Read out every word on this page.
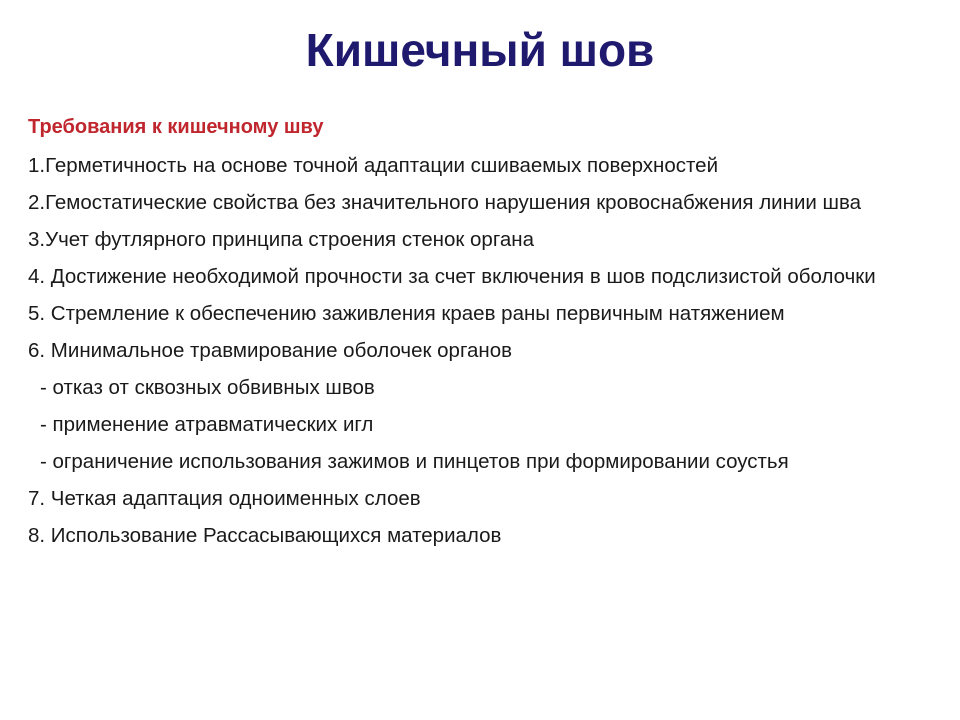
Кишечный шов
Требования к кишечному шву
1.Герметичность на основе точной адаптации сшиваемых поверхностей
2.Гемостатические свойства без значительного нарушения кровоснабжения линии шва
3.Учет футлярного принципа строения стенок органа
4. Достижение необходимой прочности за счет включения в шов подслизистой оболочки
5. Стремление к обеспечению заживления краев раны первичным натяжением
6. Минимальное травмирование оболочек органов
- отказ от сквозных обвивных швов
- применение атравматических игл
- ограничение использования зажимов и пинцетов при формировании соустья
7. Четкая адаптация одноименных слоев
8. Использование Рассасывающихся материалов
